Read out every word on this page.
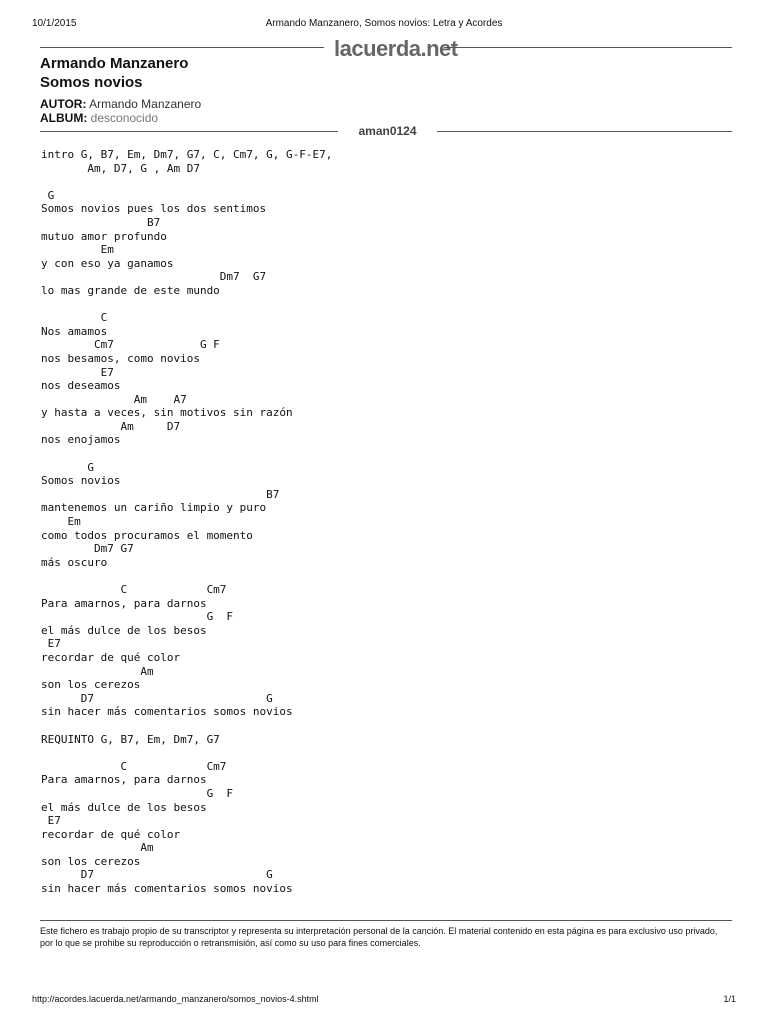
10/1/2015	Armando Manzanero, Somos novios: Letra y Acordes
lacuerda.net
Armando Manzanero
Somos novios
AUTOR: Armando Manzanero
ALBUM: desconocido
aman0124
intro G, B7, Em, Dm7, G7, C, Cm7, G, G-F-E7,
Am, D7, G , Am D7

G
Somos novios pues los dos sentimos
B7
mutuo amor profundo
Em
y con eso ya ganamos
Dm7  G7
lo mas grande de este mundo

C
Nos amamos
Cm7             G F
nos besamos, como novios
E7
nos deseamos
Am    A7
y hasta a veces, sin motivos sin razón
Am     D7
nos enojamos

G
Somos novios
B7
mantenemos un cariño limpio y puro
Em
como todos procuramos el momento
Dm7 G7
más oscuro

C            Cm7
Para amarnos, para darnos
G  F
el más dulce de los besos
E7
recordar de qué color
Am
son los cerezos
D7                          G
sin hacer más comentarios somos novios

REQUINTO G, B7, Em, Dm7, G7

C            Cm7
Para amarnos, para darnos
G  F
el más dulce de los besos
E7
recordar de qué color
Am
son los cerezos
D7                          G
sin hacer más comentarios somos novios
Este fichero es trabajo propio de su transcriptor y representa su interpretación personal de la canción. El material contenido en esta página es para exclusivo uso privado, por lo que se prohibe su reproducción o retransmisión, así como su uso para fines comerciales.
http://acordes.lacuerda.net/armando_manzanero/somos_novios-4.shtml	1/1
